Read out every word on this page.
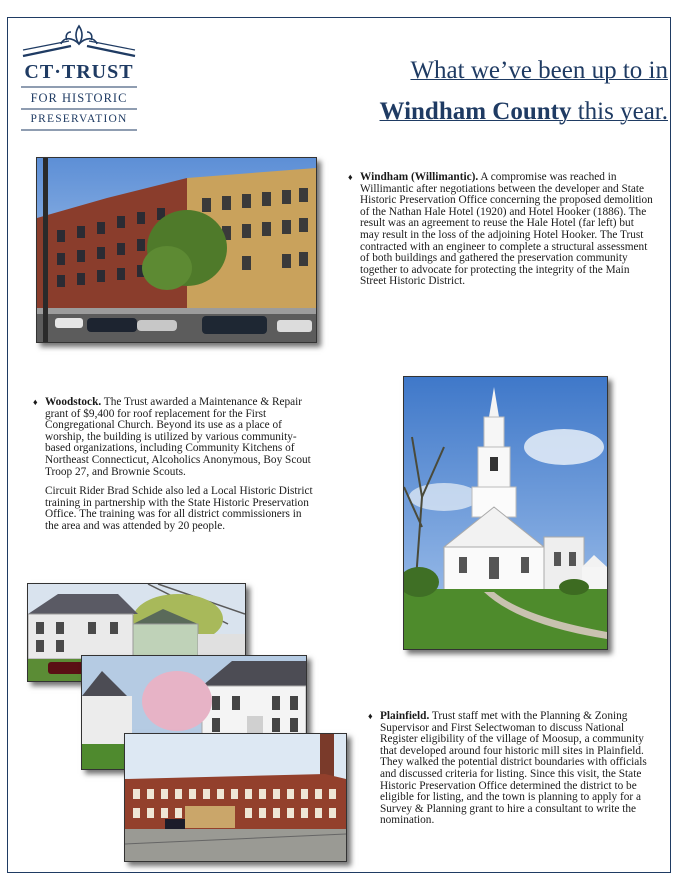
CT·TRUST
FOR HISTORIC
PRESERVATION
What we’ve been up to in
Windham County this year.
♦ Windham (Willimantic). A compromise was reached in Willimantic after negotiations between the developer and State Historic Preservation Office concerning the proposed demolition of the Nathan Hale Hotel (1920) and Hotel Hooker (1886). The result was an agreement to reuse the Hale Hotel (far left) but may result in the loss of the adjoining Hotel Hooker. The Trust contracted with an engineer to complete a structural assessment of both buildings and gathered the preservation community together to advocate for protecting the integrity of the Main Street Historic District.

♦ Woodstock. The Trust awarded a Maintenance & Repair grant of $9,400 for roof replacement for the First Congregational Church. Beyond its use as a place of worship, the building is utilized by various community-based organizations, including Community Kitchens of Northeast Connecticut, Alcoholics Anonymous, Boy Scout Troop 27, and Brownie Scouts.

Circuit Rider Brad Schide also led a Local Historic District training in partnership with the State Historic Preservation Office. The training was for all district commissioners in the area and was attended by 20 people.

♦ Plainfield. Trust staff met with the Planning & Zoning Supervisor and First Selectwoman to discuss National Register eligibility of the village of Moosup, a community that developed around four historic mill sites in Plainfield. They walked the potential district boundaries with officials and discussed criteria for listing. Since this visit, the State Historic Preservation Office determined the district to be eligible for listing, and the town is planning to apply for a Survey & Planning grant to hire a consultant to write the nomination.
